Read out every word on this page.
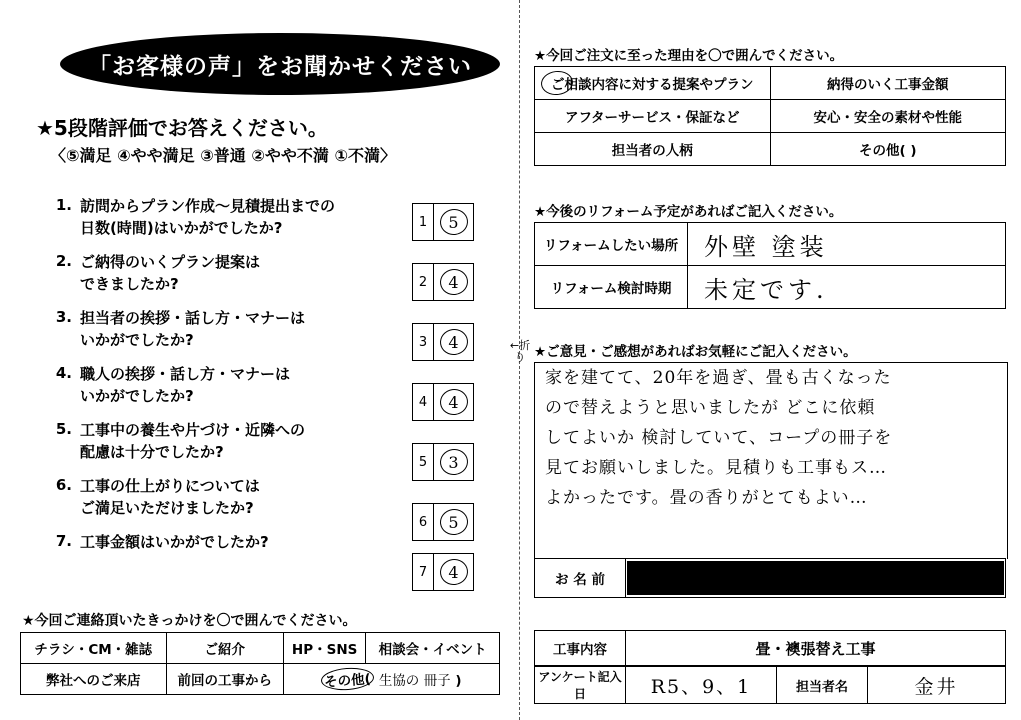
「お客様の声」をお聞かせください
★5段階評価でお答えください。
〈⑤満足 ④やや満足 ③普通 ②やや不満 ①不満〉
1. 訪問からプラン作成〜見積提出までの
日数(時間)はいかがでしたか?
2. ご納得のいくプラン提案は
できましたか?
3. 担当者の挨拶・話し方・マナーは
いかがでしたか?
4. 職人の挨拶・話し方・マナーは
いかがでしたか?
5. 工事中の養生や片づけ・近隣への
配慮は十分でしたか?
6. 工事の仕上がりについては
ご満足いただけましたか?
7. 工事金額はいかがでしたか?
1	5
2	4
3	4
4	4
5	3
6	5
7	4
★今回ご連絡頂いたきっかけを〇で囲んでください。
チラシ・CM・雑誌	ご紹介	HP・SNS	相談会・イベント
弊社へのご来店	前回の工事から	その他( 生協の 冊子 )	
←折り
★今回ご注文に至った理由を〇で囲んでください。
ご相談内容に対する提案やプラン	納得のいく工事金額
アフターサービス・保証など	安心・安全の素材や性能
担当者の人柄	その他( )
★今後のリフォーム予定があればご記入ください。
リフォームしたい場所	外壁 塗装
リフォーム検討時期	未定です.
★ご意見・ご感想があればお気軽にご記入ください。
家を建てて、20年を過ぎ、畳も古くなった
ので替えようと思いましたが どこに依頼
してよいか 検討していて、コープの冊子を
見てお願いしました。見積りも工事もス…
よかったです。畳の香りがとてもよい…
お 名 前	
工事内容	畳・襖張替え工事
アンケート記入日	R5、9、1	担当者名	金井
